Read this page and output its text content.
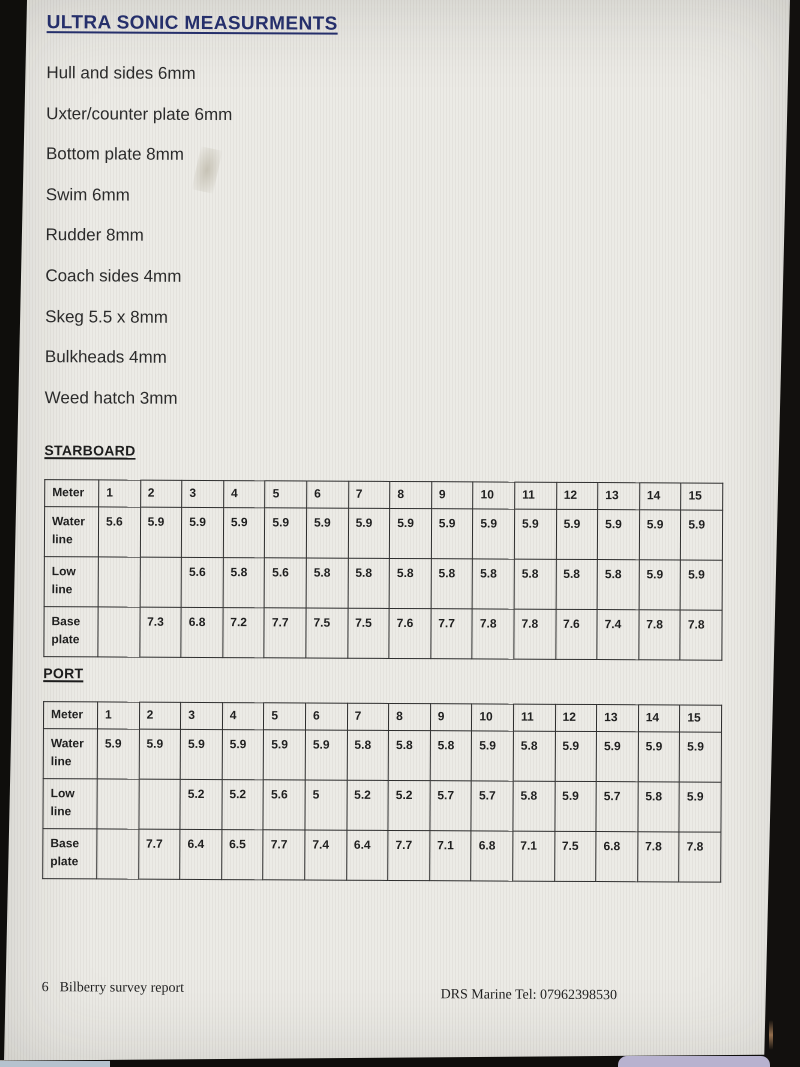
ULTRA SONIC MEASURMENTS
Hull and sides 6mm
Uxter/counter plate 6mm
Bottom plate 8mm
Swim 6mm
Rudder 8mm
Coach sides 4mm
Skeg 5.5 x 8mm
Bulkheads 4mm
Weed hatch 3mm
STARBOARD
Meter	1	2	3	4	5	6	7	8	9	10	11	12	13	14	15
Water line	5.6	5.9	5.9	5.9	5.9	5.9	5.9	5.9	5.9	5.9	5.9	5.9	5.9	5.9	5.9
Low line			5.6	5.8	5.6	5.8	5.8	5.8	5.8	5.8	5.8	5.8	5.8	5.9	5.9
Base plate		7.3	6.8	7.2	7.7	7.5	7.5	7.6	7.7	7.8	7.8	7.6	7.4	7.8	7.8
PORT
Meter	1	2	3	4	5	6	7	8	9	10	11	12	13	14	15
Water line	5.9	5.9	5.9	5.9	5.9	5.9	5.8	5.8	5.8	5.9	5.8	5.9	5.9	5.9	5.9
Low line			5.2	5.2	5.6	5	5.2	5.2	5.7	5.7	5.8	5.9	5.7	5.8	5.9
Base plate		7.7	6.4	6.5	7.7	7.4	6.4	7.7	7.1	6.8	7.1	7.5	6.8	7.8	7.8
6 Bilberry survey report	DRS Marine Tel: 07962398530
